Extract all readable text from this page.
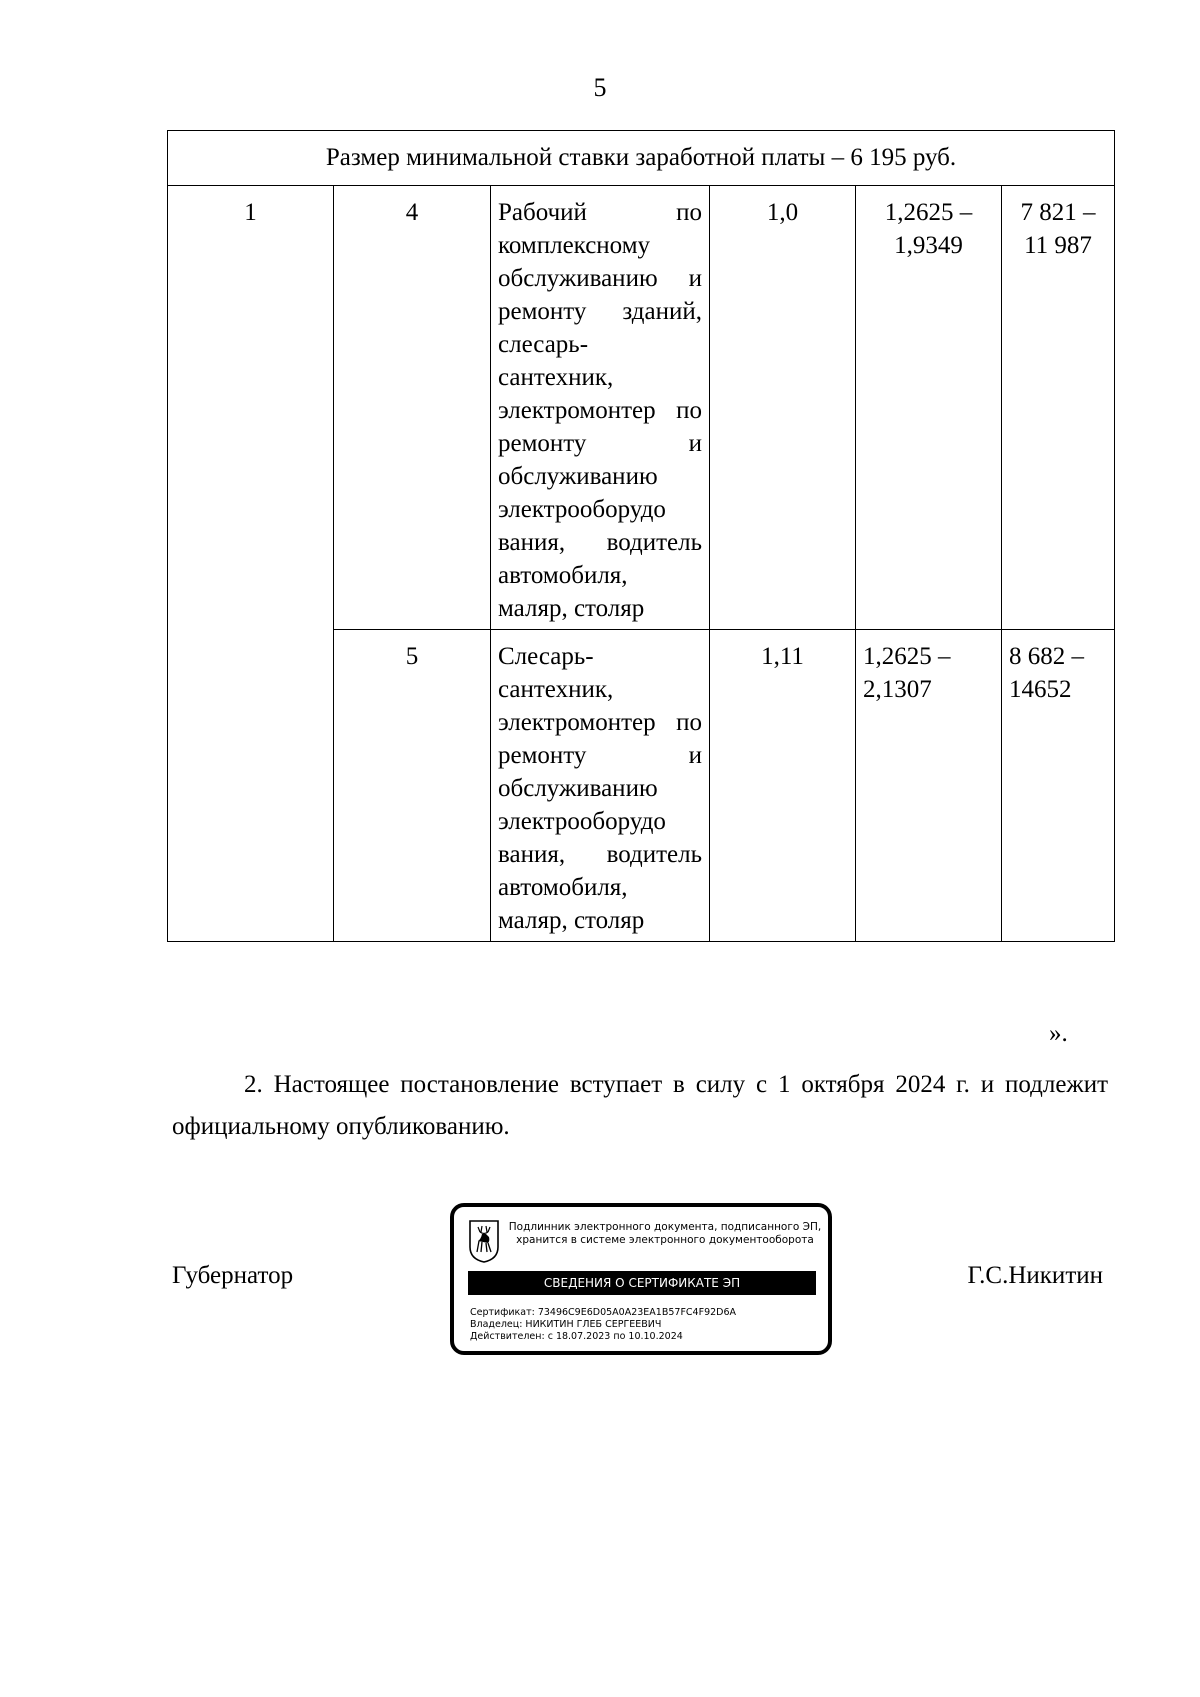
5
Размер минимальной ставки заработной платы – 6 195 руб.					
1	4	Рабочий по комплексному обслуживанию и ремонту зданий, слесарь-сантехник, электромонтер по ремонту и обслуживанию электрооборудо вания, водитель автомобиля, маляр, столяр	1,0	1,2625 – 1,9349	7 821 – 11 987
	5	Слесарь-сантехник, электромонтер по ремонту и обслуживанию электрооборудо вания, водитель автомобиля, маляр, столяр	1,11	1,2625 – 2,1307	8 682 – 14652
».

2. Настоящее постановление вступает в силу с 1 октября 2024 г. и подлежит официальному опубликованию.

Губернатор	Г.С.Никитин
Подлинник электронного документа, подписанного ЭП,
хранится в системе электронного документооборота
СВЕДЕНИЯ О СЕРТИФИКАТЕ ЭП
Сертификат: 73496C9E6D05A0A23EA1B57FC4F92D6A
Владелец: НИКИТИН ГЛЕБ СЕРГЕЕВИЧ
Действителен: с 18.07.2023 по 10.10.2024
